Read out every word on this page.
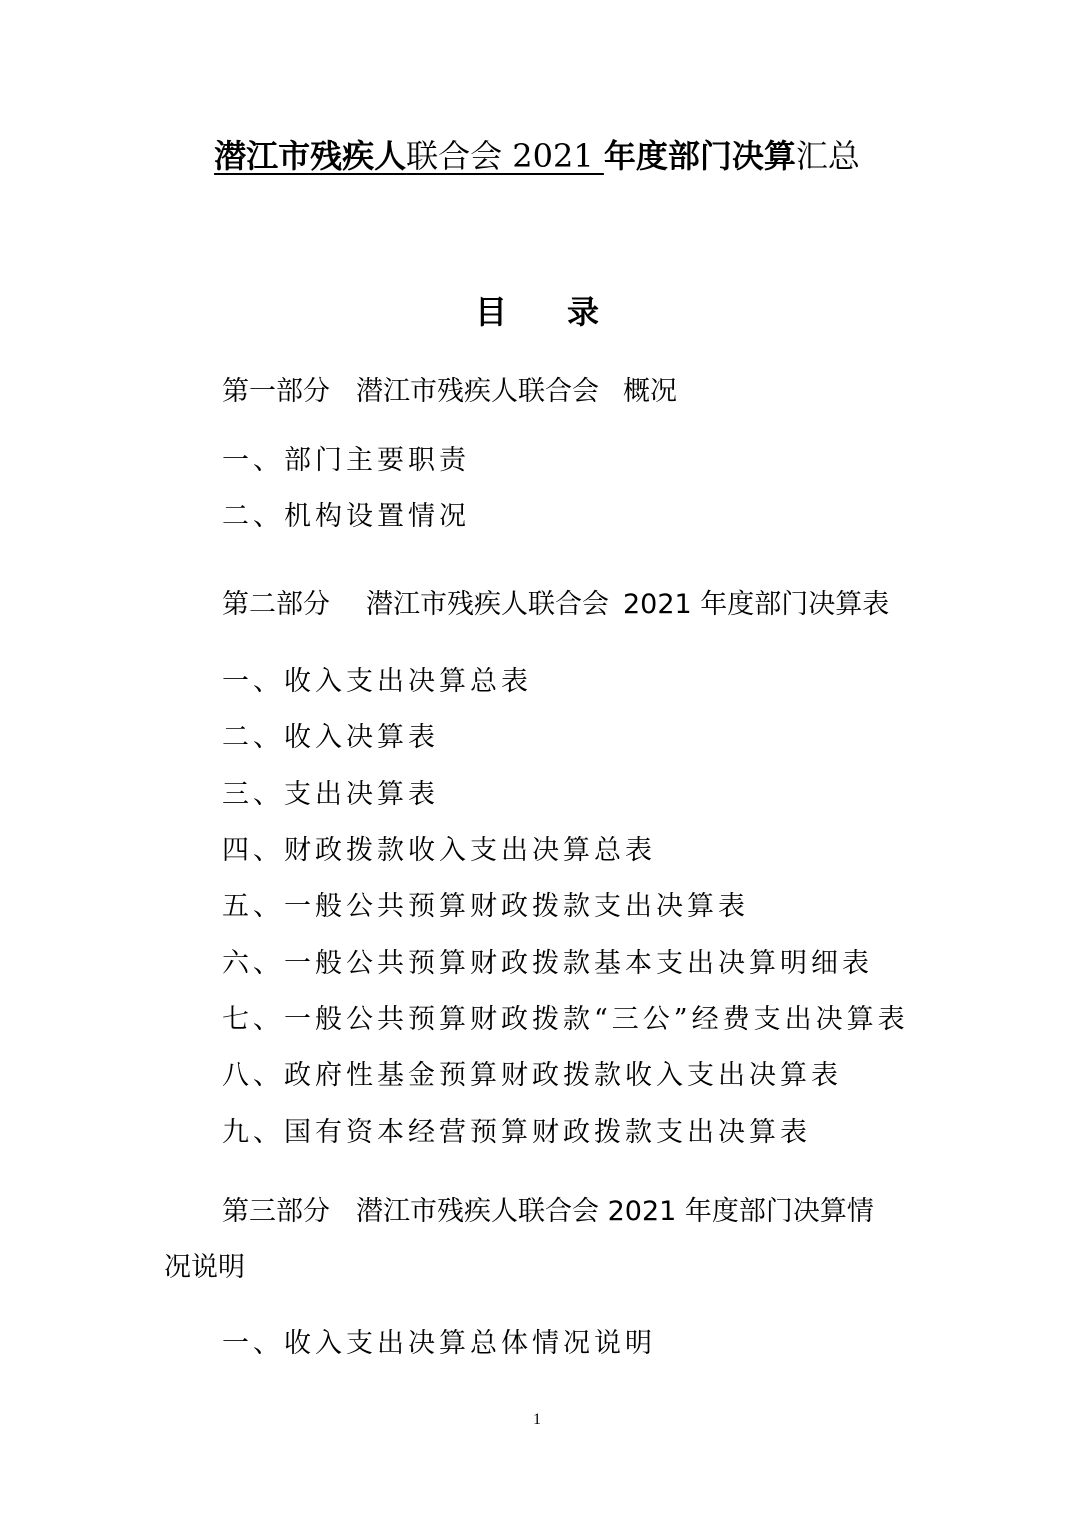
潜江市残疾人联合会 2021 年度部门决算汇总
目录
第一部分 潜江市残疾人联合会 概况
一、部门主要职责
二、机构设置情况
第二部分 潜江市残疾人联合会 2021 年度部门决算表
一、收入支出决算总表
二、收入决算表
三、支出决算表
四、财政拨款收入支出决算总表
五、一般公共预算财政拨款支出决算表
六、一般公共预算财政拨款基本支出决算明细表
七、一般公共预算财政拨款“三公”经费支出决算表
八、政府性基金预算财政拨款收入支出决算表
九、国有资本经营预算财政拨款支出决算表
第三部分 潜江市残疾人联合会 2021 年度部门决算情
况说明
一、收入支出决算总体情况说明
1
